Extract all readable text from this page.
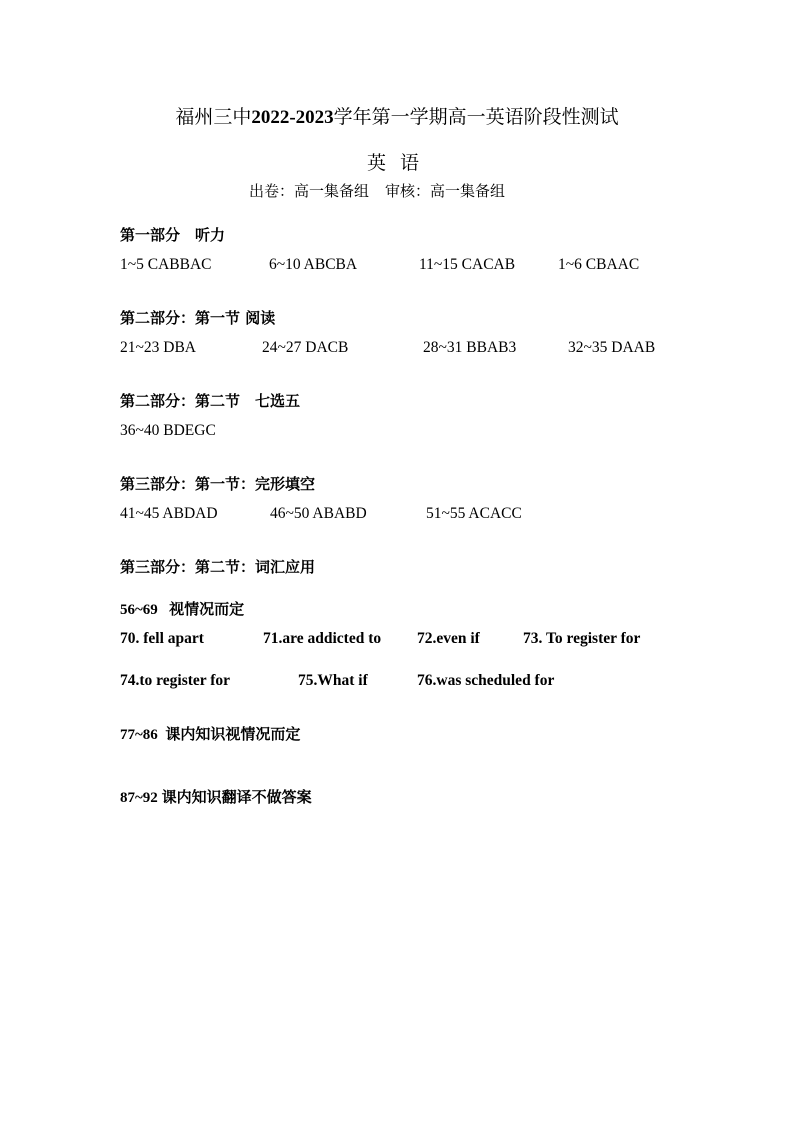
福州三中2022-2023学年第一学期高一英语阶段性测试
英语
出卷：高一集备组 审核：高一集备组
第一部分　听力
1~5 CABBAC	6~10 ABCBA	11~15 CACAB	1~6 CBAAC
第二部分：第一节 阅读
21~23 DBA	24~27 DACB	28~31 BBAB3	32~35 DAAB
第二部分：第二节　七选五
36~40 BDEGC
第三部分：第一节：完形填空
41~45 ABDAD	46~50 ABABD	51~55 ACACC
第三部分：第二节：词汇应用
56~69 视情况而定
70. fell apart	71.are addicted to 72.even if	73. To register for
74.to register for	75.What if	76.was scheduled for
77~86 课内知识视情况而定
87~92 课内知识翻译不做答案
